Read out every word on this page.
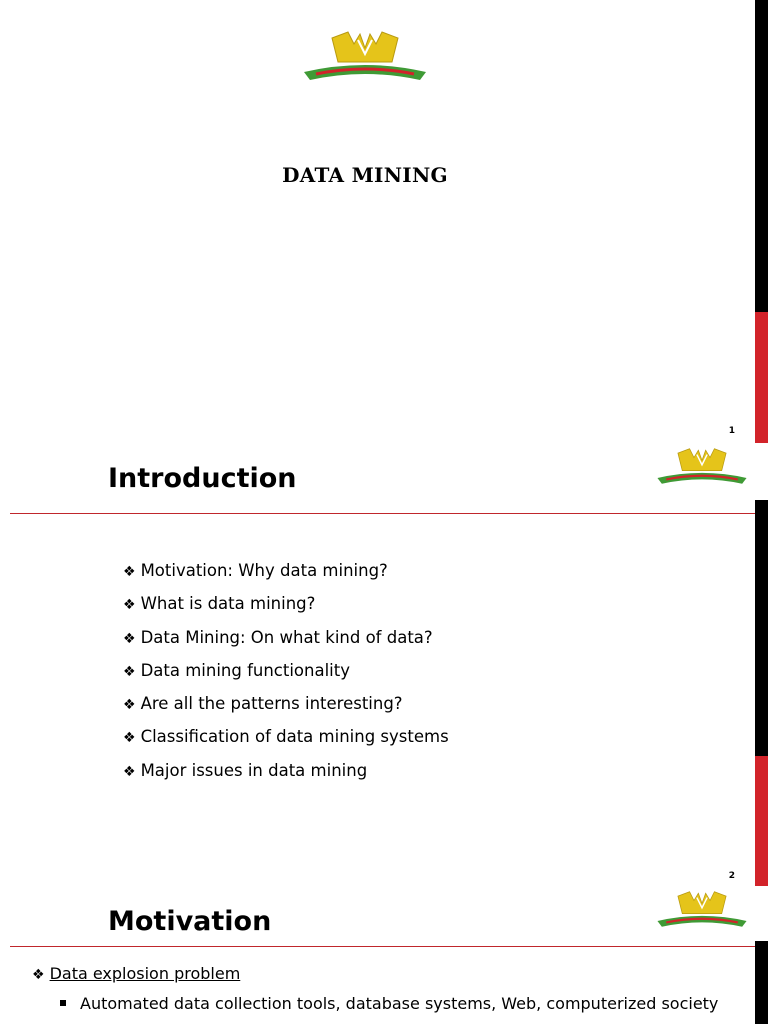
DATA MINING
1
Introduction
❖ Motivation: Why data mining?
❖ What is data mining?
❖ Data Mining: On what kind of data?
❖ Data mining functionality
❖ Are all the patterns interesting?
❖ Classification of data mining systems
❖ Major issues in data mining
2
Motivation
❖ Data explosion problem
Automated data collection tools, database systems, Web, computerized society
